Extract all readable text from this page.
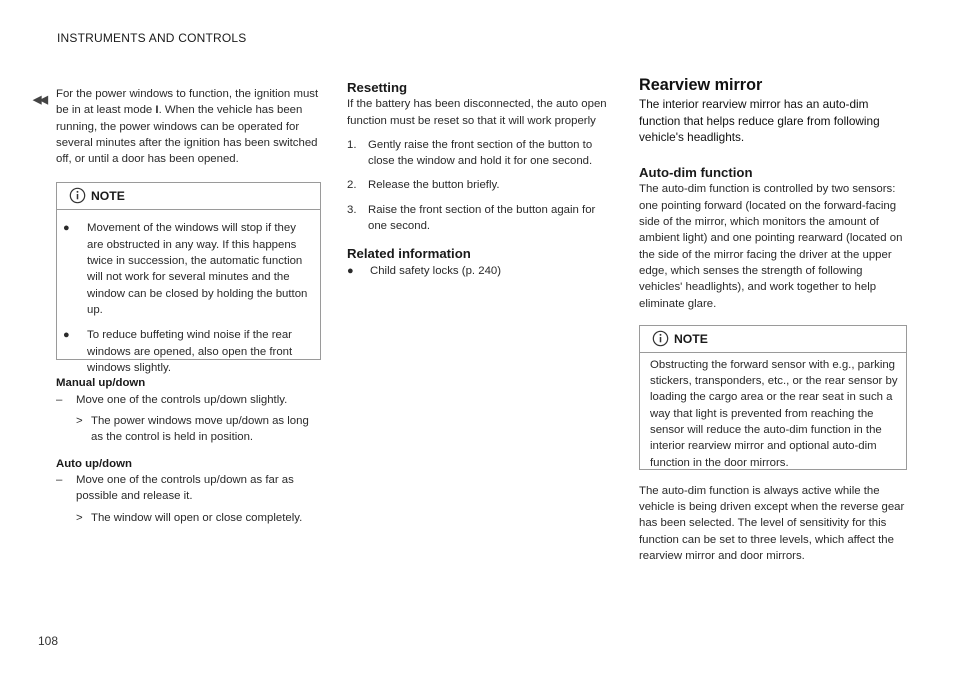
INSTRUMENTS AND CONTROLS
◀◀
108

For the power windows to function, the ignition must be in at least mode I. When the vehicle has been running, the power windows can be operated for several minutes after the ignition has been switched off, or until a door has been opened.

NOTE
● Movement of the windows will stop if they are obstructed in any way. If this happens twice in succession, the automatic function will not work for several minutes and the window can be closed by holding the button up.
● To reduce buffeting wind noise if the rear windows are opened, also open the front windows slightly.
Manual up/down
– Move one of the controls up/down slightly.
> The power windows move up/down as long as the control is held in position.
Auto up/down
– Move one of the controls up/down as far as possible and release it.
> The window will open or close completely.
Resetting

If the battery has been disconnected, the auto open function must be reset so that it will work properly

1. Gently raise the front section of the button to close the window and hold it for one second.
2. Release the button briefly.
3. Raise the front section of the button again for one second.
Related information
● Child safety locks (p. 240)
Rearview mirror

The interior rearview mirror has an auto-dim function that helps reduce glare from following vehicle's headlights.

Auto-dim function

The auto-dim function is controlled by two sensors: one pointing forward (located on the forward-facing side of the mirror, which monitors the amount of ambient light) and one pointing rearward (located on the side of the mirror facing the driver at the upper edge, which senses the strength of following vehicles' headlights), and work together to help eliminate glare.

NOTE

Obstructing the forward sensor with e.g., parking stickers, transponders, etc., or the rear sensor by loading the cargo area or the rear seat in such a way that light is prevented from reaching the sensor will reduce the auto-dim function in the interior rearview mirror and optional auto-dim function in the door mirrors.

The auto-dim function is always active while the vehicle is being driven except when the reverse gear has been selected. The level of sensitivity for this function can be set to three levels, which affect the rearview mirror and door mirrors.
